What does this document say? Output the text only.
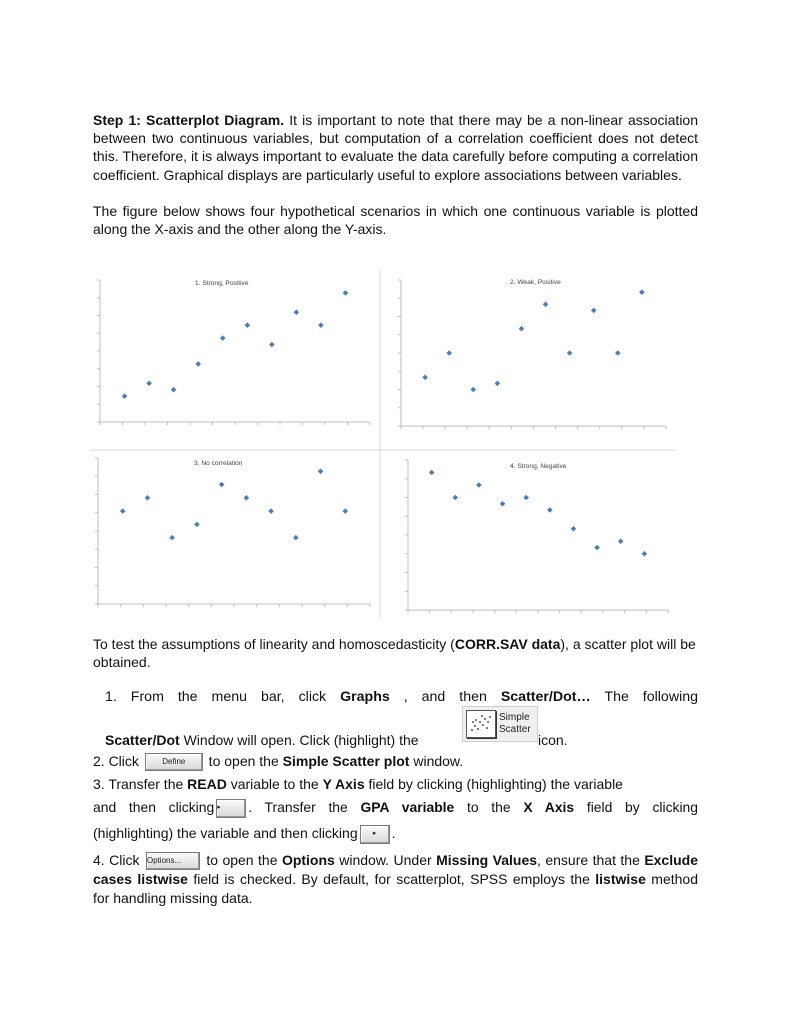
Step 1: Scatterplot Diagram. It is important to note that there may be a non-linear association between two continuous variables, but computation of a correlation coefficient does not detect this. Therefore, it is always important to evaluate the data carefully before computing a correlation coefficient. Graphical displays are particularly useful to explore associations between variables.

The figure below shows four hypothetical scenarios in which one continuous variable is plotted along the X-axis and the other along the Y-axis.

1. Strong, Positive	2. Weak, Positive
3. No correlation	4. Strong, Negative

To test the assumptions of linearity and homoscedasticity (CORR.SAV data), a scatter plot will be obtained.

1. From the menu bar, click Graphs , and then Scatter/Dot… The following

Scatter/Dot Window will open. Click (highlight) the

Simple
Scatter
icon.

2. Click Define to open the Simple Scatter plot window.

3. Transfer the READ variable to the Y Axis field by clicking (highlighting) the variable

and then clicking ▸ . Transfer the GPA variable to the X Axis field by clicking

(highlighting) the variable and then clicking ▸ .

4. Click Options... to open the Options window. Under Missing Values, ensure that the Exclude cases listwise field is checked. By default, for scatterplot, SPSS employs the listwise method for handling missing data.
